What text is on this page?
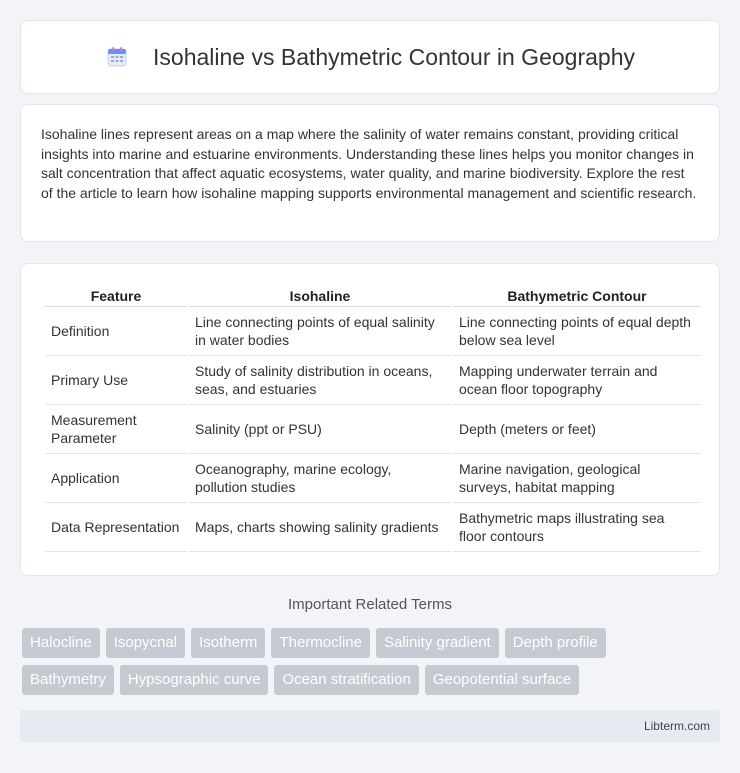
Isohaline vs Bathymetric Contour in Geography

Isohaline lines represent areas on a map where the salinity of water remains constant, providing critical insights into marine and estuarine environments. Understanding these lines helps you monitor changes in salt concentration that affect aquatic ecosystems, water quality, and marine biodiversity. Explore the rest of the article to learn how isohaline mapping supports environmental management and scientific research.

Feature	Isohaline	Bathymetric Contour
Definition	Line connecting points of equal salinity in water bodies	Line connecting points of equal depth below sea level
Primary Use	Study of salinity distribution in oceans, seas, and estuaries	Mapping underwater terrain and ocean floor topography
Measurement Parameter	Salinity (ppt or PSU)	Depth (meters or feet)
Application	Oceanography, marine ecology, pollution studies	Marine navigation, geological surveys, habitat mapping
Data Representation	Maps, charts showing salinity gradients	Bathymetric maps illustrating sea floor contours
Important Related Terms
Halocline	Isopycnal	Isotherm	Thermocline	Salinity gradient	Depth profile
Bathymetry	Hypsographic curve	Ocean stratification	Geopotential surface
Libterm.com
